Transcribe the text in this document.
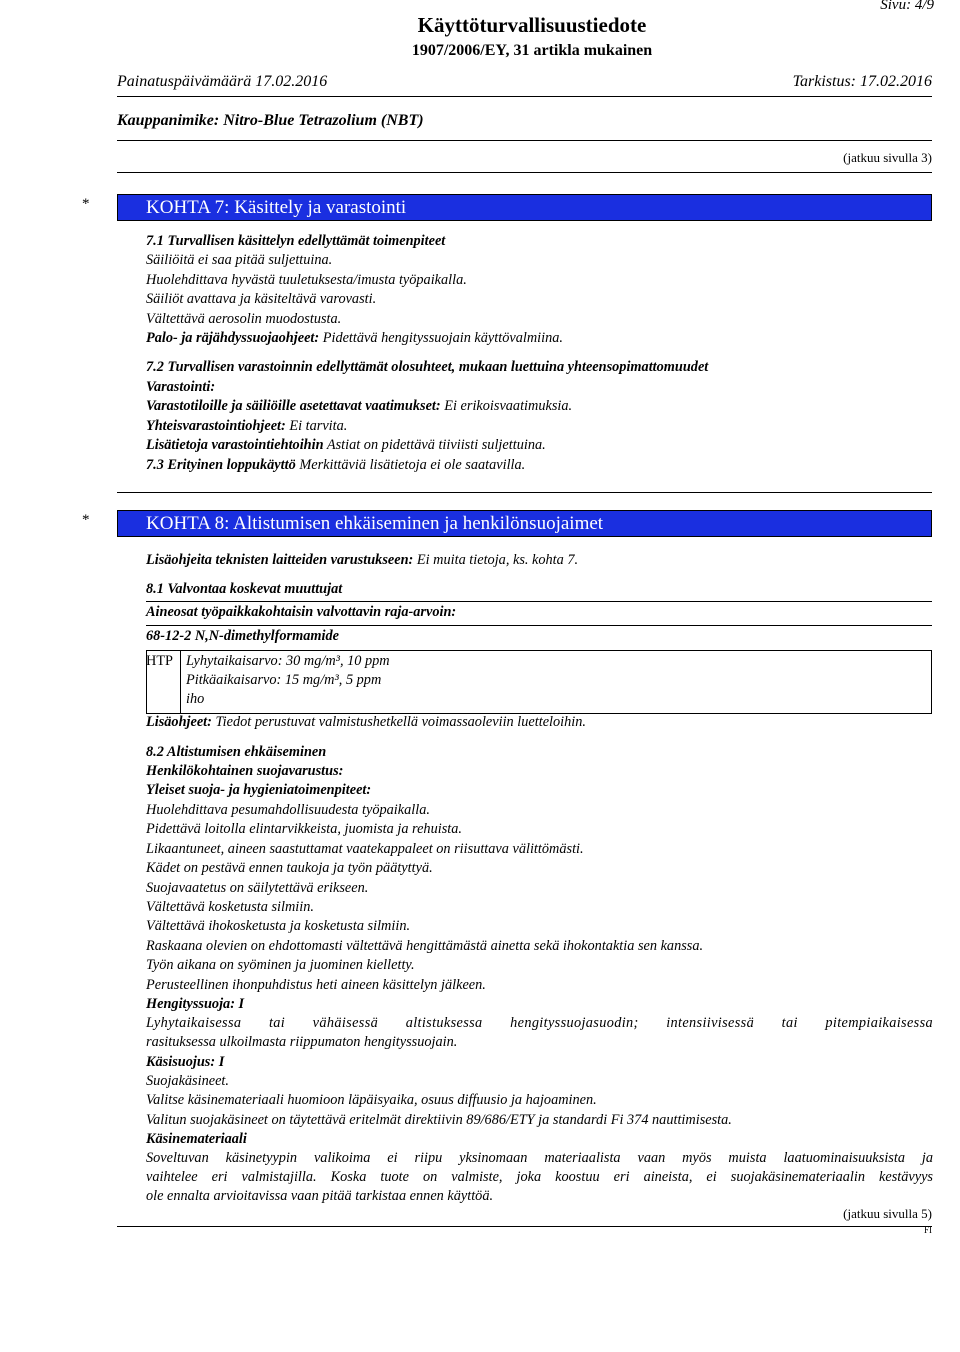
Sivu: 4/9
Käyttöturvallisuustiedote
1907/2006/EY, 31 artikla mukainen
Painatuspäivämäärä 17.02.2016	Tarkistus: 17.02.2016
Kauppanimike: Nitro-Blue Tetrazolium (NBT)
(jatkuu sivulla 3)
*	KOHTA 7: Käsittely ja varastointi
7.1 Turvallisen käsittelyn edellyttämät toimenpiteet
Säiliöitä ei saa pitää suljettuina.
Huolehdittava hyvästä tuuletuksesta/imusta työpaikalla.
Säiliöt avattava ja käsiteltävä varovasti.
Vältettävä aerosolin muodostusta.
Palo- ja räjähdyssuojaohjeet: Pidettävä hengityssuojain käyttövalmiina.
7.2 Turvallisen varastoinnin edellyttämät olosuhteet, mukaan luettuina yhteensopimattomuudet
Varastointi:
Varastotiloille ja säiliöille asetettavat vaatimukset: Ei erikoisvaatimuksia.
Yhteisvarastointiohjeet: Ei tarvita.
Lisätietoja varastointiehtoihin Astiat on pidettävä tiiviisti suljettuina.
7.3 Erityinen loppukäyttö Merkittäviä lisätietoja ei ole saatavilla.
*	KOHTA 8: Altistumisen ehkäiseminen ja henkilönsuojaimet
Lisäohjeita teknisten laitteiden varustukseen: Ei muita tietoja, ks. kohta 7.
8.1 Valvontaa koskevat muuttujat
Aineosat työpaikkakohtaisin valvottavin raja-arvoin:
68-12-2 N,N-dimethylformamide
HTP Lyhytaikaisarvo: 30 mg/m³, 10 ppm
Pitkäaikaisarvo: 15 mg/m³, 5 ppm
iho
Lisäohjeet: Tiedot perustuvat valmistushetkellä voimassaoleviin luetteloihin.
8.2 Altistumisen ehkäiseminen
Henkilökohtainen suojavarustus:
Yleiset suoja- ja hygieniatoimenpiteet:
Huolehdittava pesumahdollisuudesta työpaikalla.
Pidettävä loitolla elintarvikkeista, juomista ja rehuista.
Likaantuneet, aineen saastuttamat vaatekappaleet on riisuttava välittömästi.
Kädet on pestävä ennen taukoja ja työn päätyttyä.
Suojavaatetus on säilytettävä erikseen.
Vältettävä kosketusta silmiin.
Vältettävä ihokosketusta ja kosketusta silmiin.
Raskaana olevien on ehdottomasti vältettävä hengittämästä ainetta sekä ihokontaktia sen kanssa.
Työn aikana on syöminen ja juominen kielletty.
Perusteellinen ihonpuhdistus heti aineen käsittelyn jälkeen.
Hengityssuoja: I
Lyhytaikaisessa tai vähäisessä altistuksessa hengityssuojasuodin; intensiivisessä tai pitempiaikaisessa
rasituksessa ulkoilmasta riippumaton hengityssuojain.
Käsisuojus: I
Suojakäsineet.
Valitse käsinemateriaali huomioon läpäisyaika, osuus diffuusio ja hajoaminen.
Valitun suojakäsineet on täytettävä eritelmät direktiivin 89/686/ETY ja standardi Fi 374 nauttimisesta.
Käsinemateriaali
Soveltuvan käsinetyypin valikoima ei riipu yksinomaan materiaalista vaan myös muista laatuominaisuuksista ja
vaihtelee eri valmistajilla. Koska tuote on valmiste, joka koostuu eri aineista, ei suojakäsinemateriaalin kestävyys
ole ennalta arvioitavissa vaan pitää tarkistaa ennen käyttöä.
(jatkuu sivulla 5)
FI
